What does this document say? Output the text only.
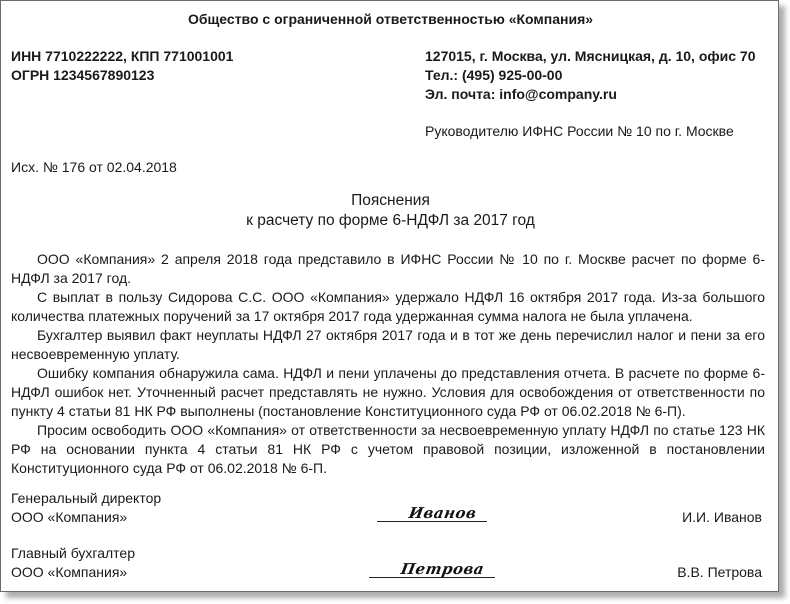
Общество с ограниченной ответственностью «Компания»
ИНН 7710222222, КПП 771001001
ОГРН 1234567890123
127015, г. Москва, ул. Мясницкая, д. 10, офис 70
Тел.: (495) 925-00-00
Эл. почта: info@company.ru
Руководителю ИФНС России № 10 по г. Москве
Исх. № 176 от 02.04.2018
Пояснения
к расчету по форме 6-НДФЛ за 2017 год

ООО «Компания» 2 апреля 2018 года представило в ИФНС России № 10 по г. Москве расчет по форме 6-НДФЛ за 2017 год.

С выплат в пользу Сидорова С.С. ООО «Компания» удержало НДФЛ 16 октября 2017 года. Из-за большого количества платежных поручений за 17 октября 2017 года удержанная сумма налога не была уплачена.

Бухгалтер выявил факт неуплаты НДФЛ 27 октября 2017 года и в тот же день перечислил налог и пени за его несвоевременную уплату.

Ошибку компания обнаружила сама. НДФЛ и пени уплачены до представления отчета. В расчете по форме 6-НДФЛ ошибок нет. Уточненный расчет представлять не нужно. Условия для освобождения от ответственности по пункту 4 статьи 81 НК РФ выполнены (постановление Конституционного суда РФ от 06.02.2018 № 6-П).

Просим освободить ООО «Компания» от ответственности за несвоевременную уплату НДФЛ по статье 123 НК РФ на основании пункта 4 статьи 81 НК РФ с учетом правовой позиции, изложенной в постановлении Конституционного суда РФ от 06.02.2018 № 6-П.

Генеральный директор
ООО «Компания»	Иванов	И.И. Иванов
Главный бухгалтер
ООО «Компания»	Петрова	В.В. Петрова
